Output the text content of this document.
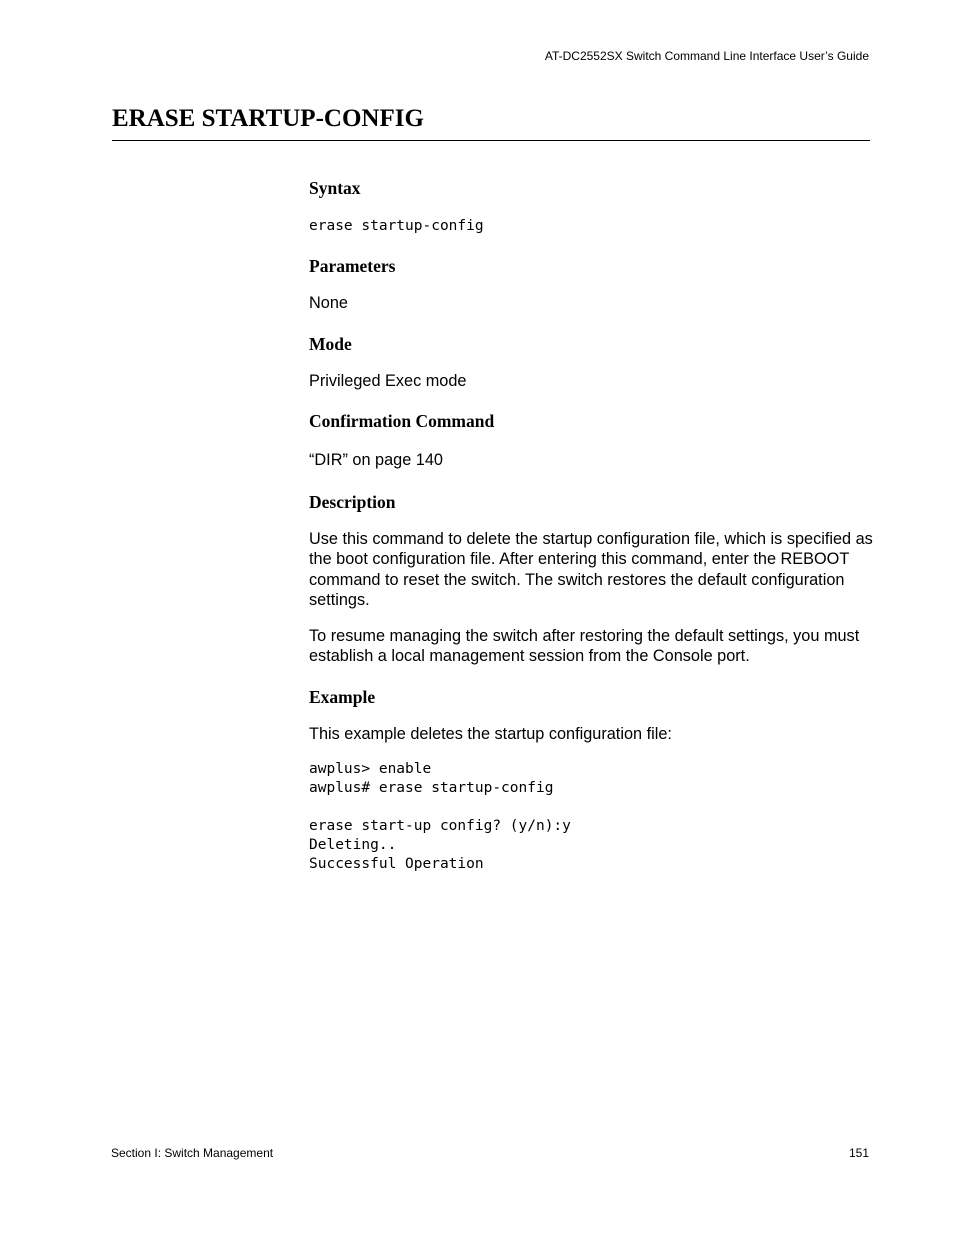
AT-DC2552SX Switch Command Line Interface User’s Guide
ERASE STARTUP-CONFIG
Syntax
erase startup-config
Parameters
None
Mode
Privileged Exec mode
Confirmation Command
“DIR” on page 140
Description
Use this command to delete the startup configuration file, which is specified as the boot configuration file. After entering this command, enter the REBOOT command to reset the switch. The switch restores the default configuration settings.
To resume managing the switch after restoring the default settings, you must establish a local management session from the Console port.
Example
This example deletes the startup configuration file:
awplus> enable
awplus# erase startup-config

erase start-up config? (y/n):y
Deleting..
Successful Operation
Section I: Switch Management	151
